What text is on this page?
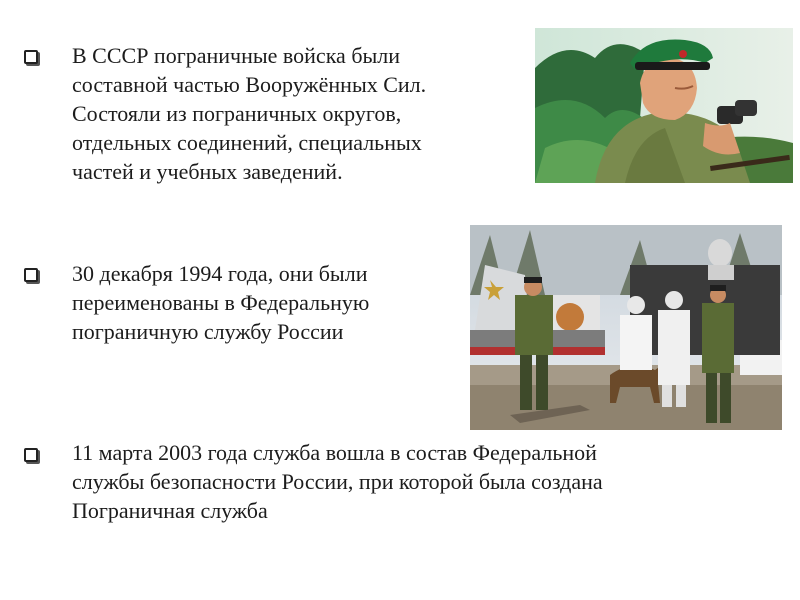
В СССР пограничные войска были
составной частью Вооружённых Сил.
Состояли из пограничных округов,
отдельных соединений, специальных
частей и учебных заведений.
30 декабря 1994 года, они были
переименованы в Федеральную
пограничную службу России
11 марта 2003 года служба вошла в состав Федеральной
службы безопасности России, при которой была создана
Пограничная служба
